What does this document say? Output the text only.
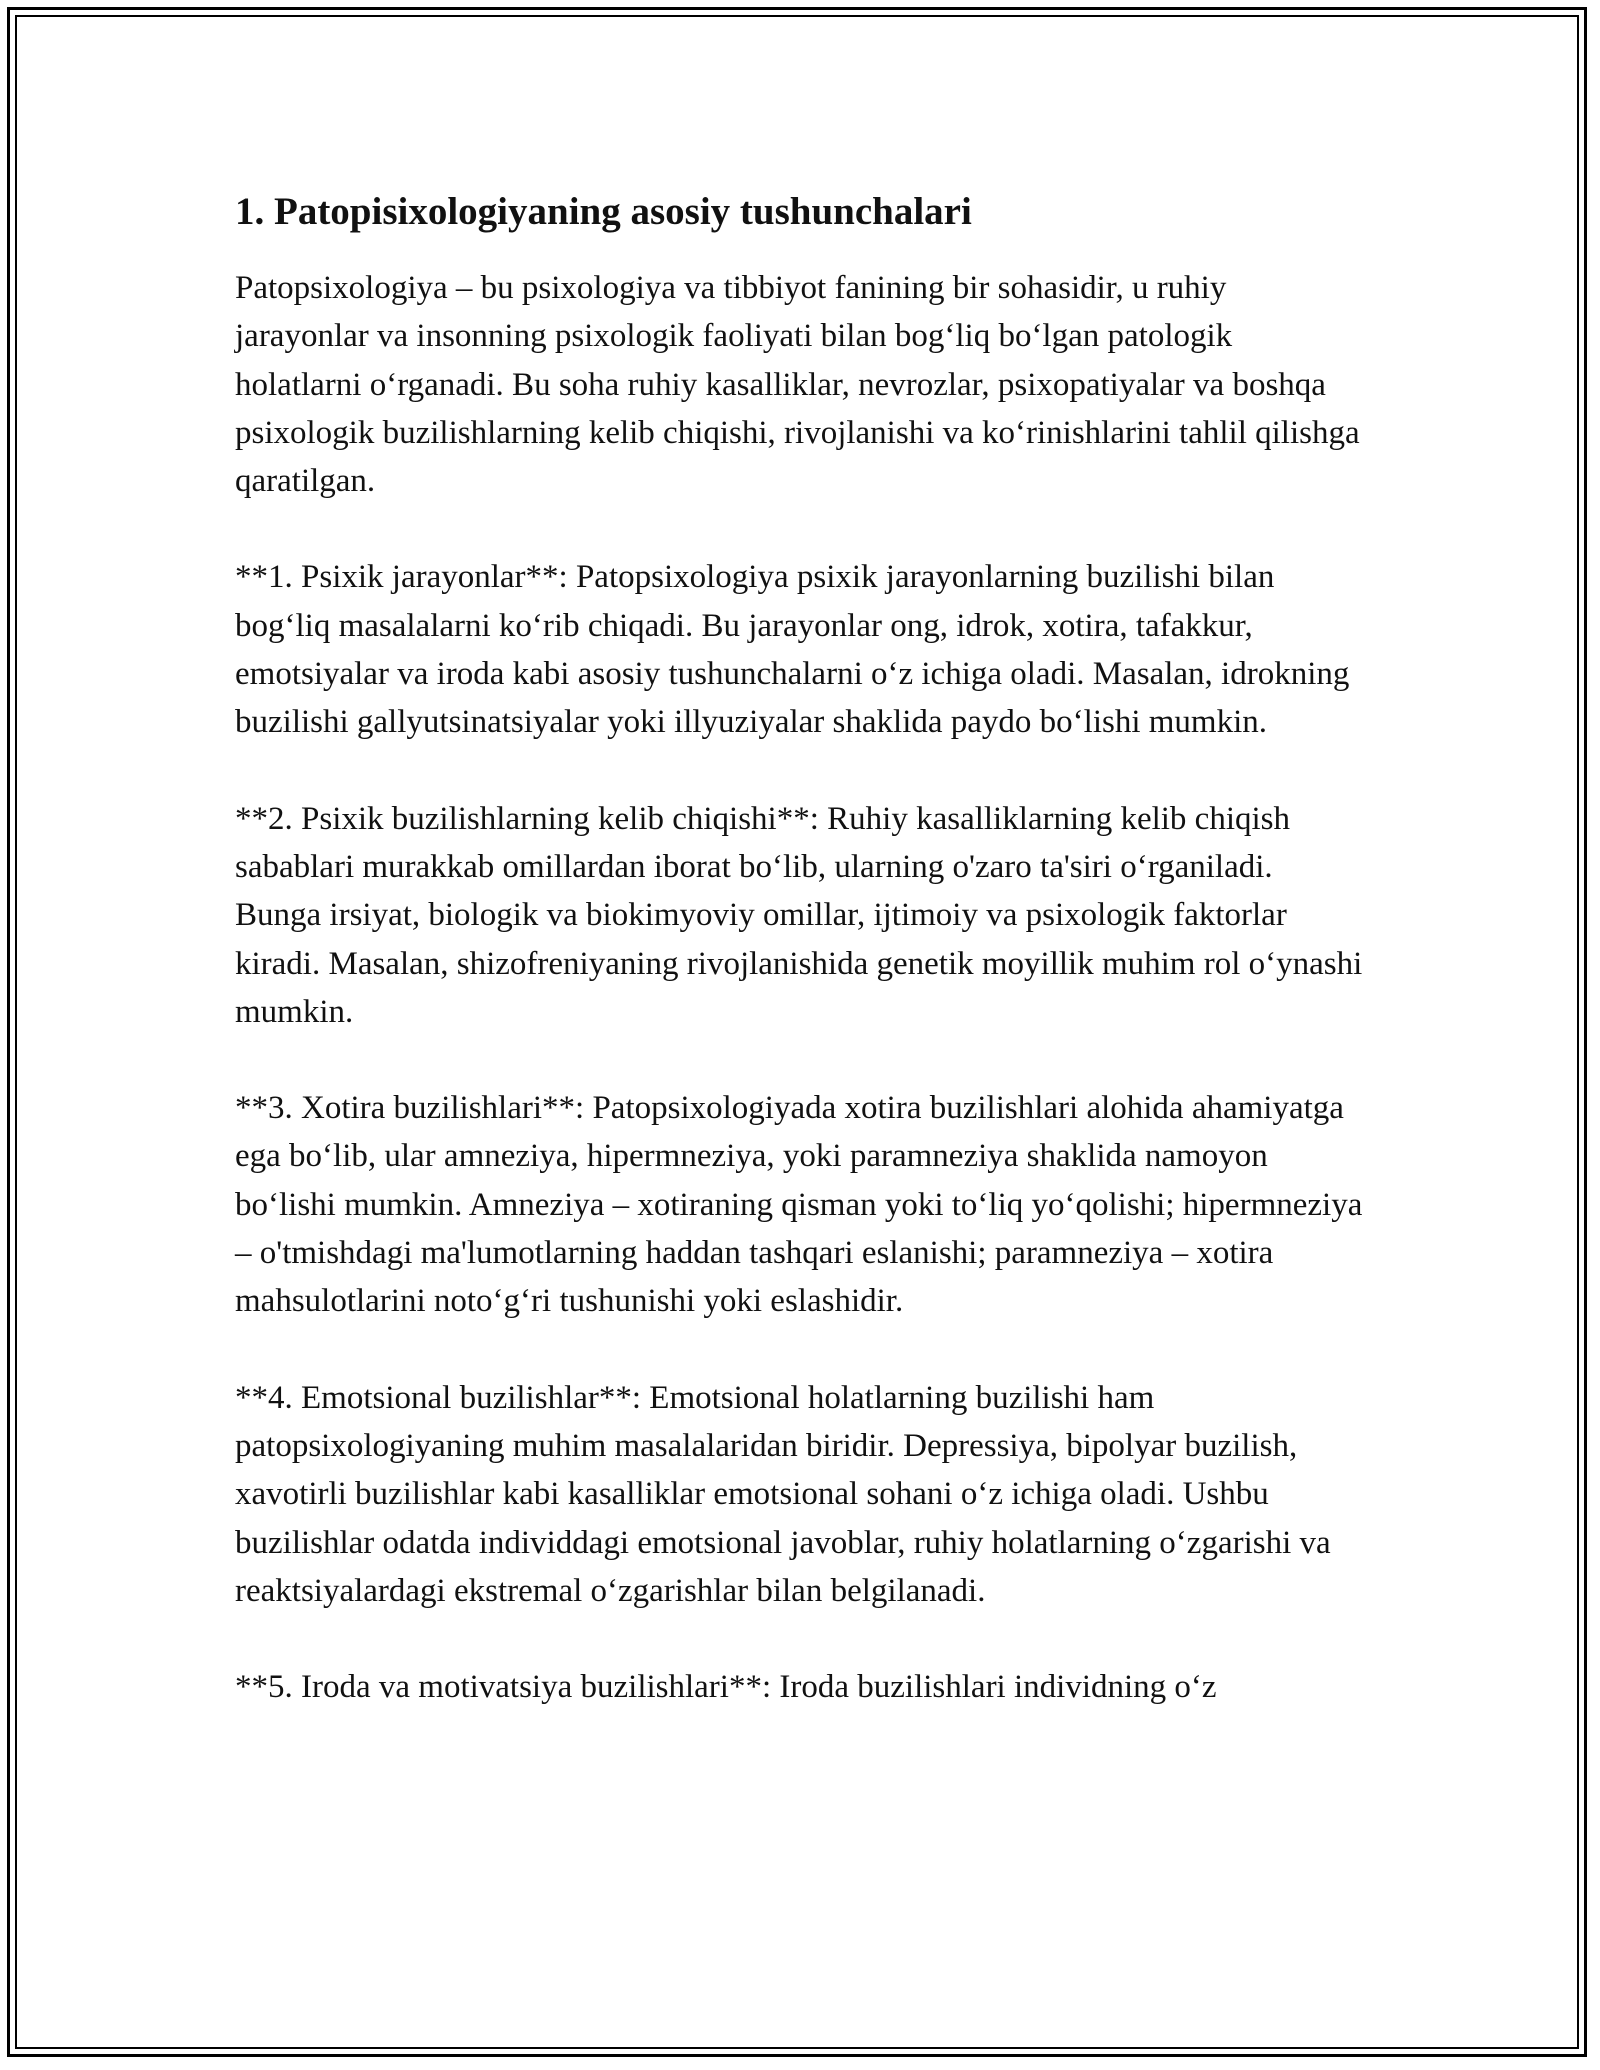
1. Patopisixologiyaning asosiy tushunchalari

Patopsixologiya – bu psixologiya va tibbiyot fanining bir sohasidir, u ruhiy jarayonlar va insonning psixologik faoliyati bilan bog‘liq bo‘lgan patologik holatlarni o‘rganadi. Bu soha ruhiy kasalliklar, nevrozlar, psixopatiyalar va boshqa psixologik buzilishlarning kelib chiqishi, rivojlanishi va ko‘rinishlarini tahlil qilishga qaratilgan.

**1. Psixik jarayonlar**: Patopsixologiya psixik jarayonlarning buzilishi bilan bog‘liq masalalarni ko‘rib chiqadi. Bu jarayonlar ong, idrok, xotira, tafakkur, emotsiyalar va iroda kabi asosiy tushunchalarni o‘z ichiga oladi. Masalan, idrokning buzilishi gallyutsinatsiyalar yoki illyuziyalar shaklida paydo bo‘lishi mumkin.

**2. Psixik buzilishlarning kelib chiqishi**: Ruhiy kasalliklarning kelib chiqish sabablari murakkab omillardan iborat bo‘lib, ularning o'zaro ta'siri o‘rganiladi. Bunga irsiyat, biologik va biokimyoviy omillar, ijtimoiy va psixologik faktorlar kiradi. Masalan, shizofreniyaning rivojlanishida genetik moyillik muhim rol o‘ynashi mumkin.

**3. Xotira buzilishlari**: Patopsixologiyada xotira buzilishlari alohida ahamiyatga ega bo‘lib, ular amneziya, hipermneziya, yoki paramneziya shaklida namoyon bo‘lishi mumkin. Amneziya – xotiraning qisman yoki to‘liq yo‘qolishi; hipermneziya – o'tmishdagi ma'lumotlarning haddan tashqari eslanishi; paramneziya – xotira mahsulotlarini noto‘g‘ri tushunishi yoki eslashidir.

**4. Emotsional buzilishlar**: Emotsional holatlarning buzilishi ham patopsixologiyaning muhim masalalaridan biridir. Depressiya, bipolyar buzilish, xavotirli buzilishlar kabi kasalliklar emotsional sohani o‘z ichiga oladi. Ushbu buzilishlar odatda individdagi emotsional javoblar, ruhiy holatlarning o‘zgarishi va reaktsiyalardagi ekstremal o‘zgarishlar bilan belgilanadi.

**5. Iroda va motivatsiya buzilishlari**: Iroda buzilishlari individning o‘z
